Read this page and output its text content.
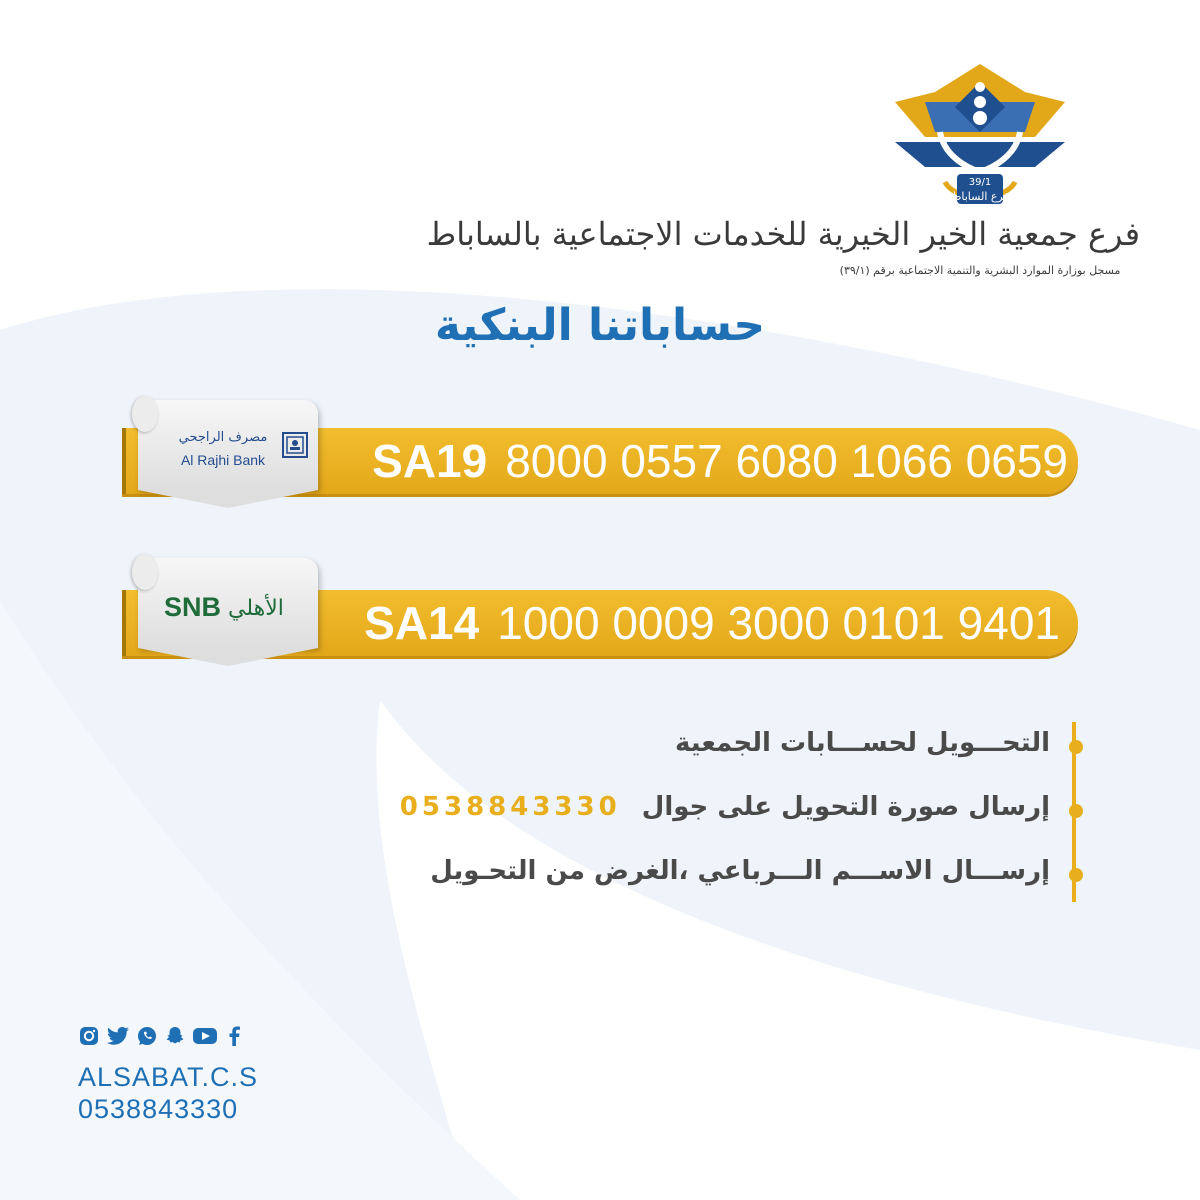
39/1
فرع الساباط
فرع جمعية الخير الخيرية للخدمات الاجتماعية بالساباط
مسجل بوزارة الموارد البشرية والتنمية الاجتماعية برقم (٣٩/١)
حساباتنا البنكية
SA19 8000 0557 6080 1066 0659
مصرف الراجحي
Al Rajhi Bank
SA14 1000 0009 3000 0101 9401
SNB الأهلي
التحـــويل لحســـابات الجمعية
إرسال صورة التحويل على جوال 0538843330
إرســـال الاســـم الـــرباعي ،الغرض من التحـويل
ALSABAT.C.S
0538843330
